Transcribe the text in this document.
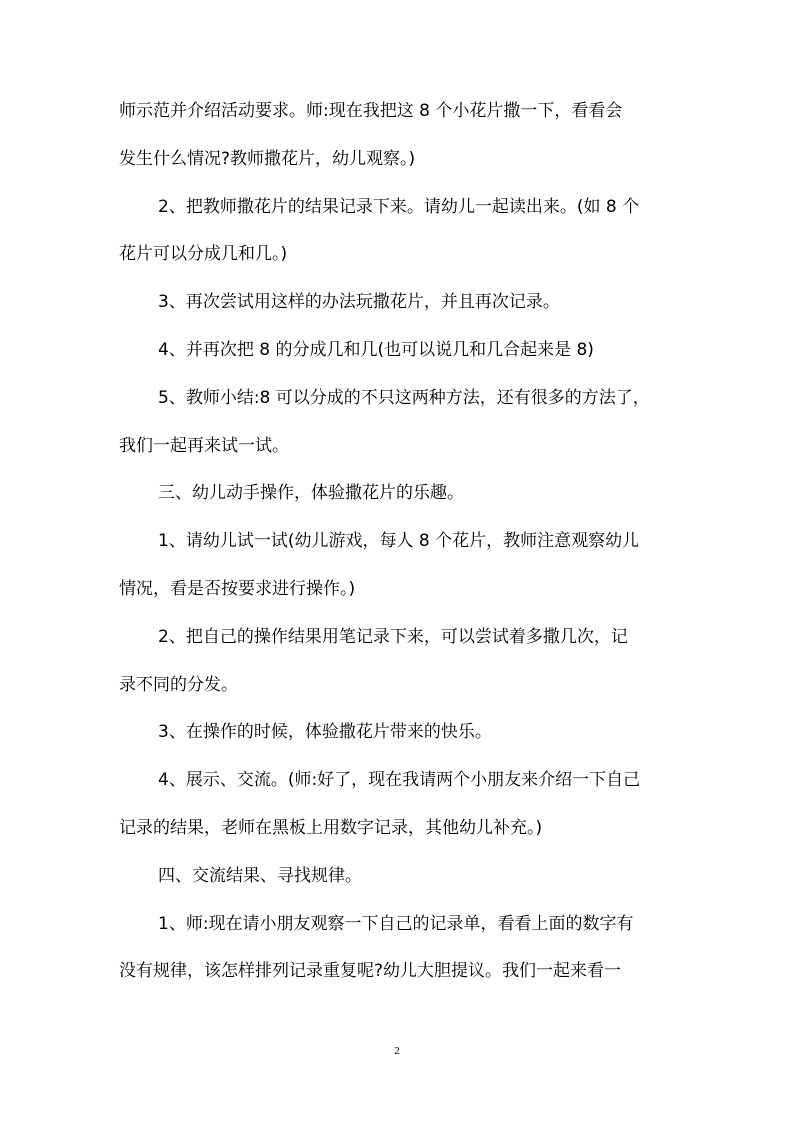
师示范并介绍活动要求。师:现在我把这 8 个小花片撒一下，看看会
发生什么情况?教师撒花片，幼儿观察。)
2、把教师撒花片的结果记录下来。请幼儿一起读出来。(如 8 个
花片可以分成几和几。)
3、再次尝试用这样的办法玩撒花片，并且再次记录。
4、并再次把 8 的分成几和几(也可以说几和几合起来是 8)
5、教师小结:8 可以分成的不只这两种方法，还有很多的方法了，
我们一起再来试一试。
三、幼儿动手操作，体验撒花片的乐趣。
1、请幼儿试一试(幼儿游戏，每人 8 个花片，教师注意观察幼儿
情况，看是否按要求进行操作。)
2、把自己的操作结果用笔记录下来，可以尝试着多撒几次，记
录不同的分发。
3、在操作的时候，体验撒花片带来的快乐。
4、展示、交流。(师:好了，现在我请两个小朋友来介绍一下自己
记录的结果，老师在黑板上用数字记录，其他幼儿补充。)
四、交流结果、寻找规律。
1、师:现在请小朋友观察一下自己的记录单，看看上面的数字有
没有规律，该怎样排列记录重复呢?幼儿大胆提议。我们一起来看一
2
